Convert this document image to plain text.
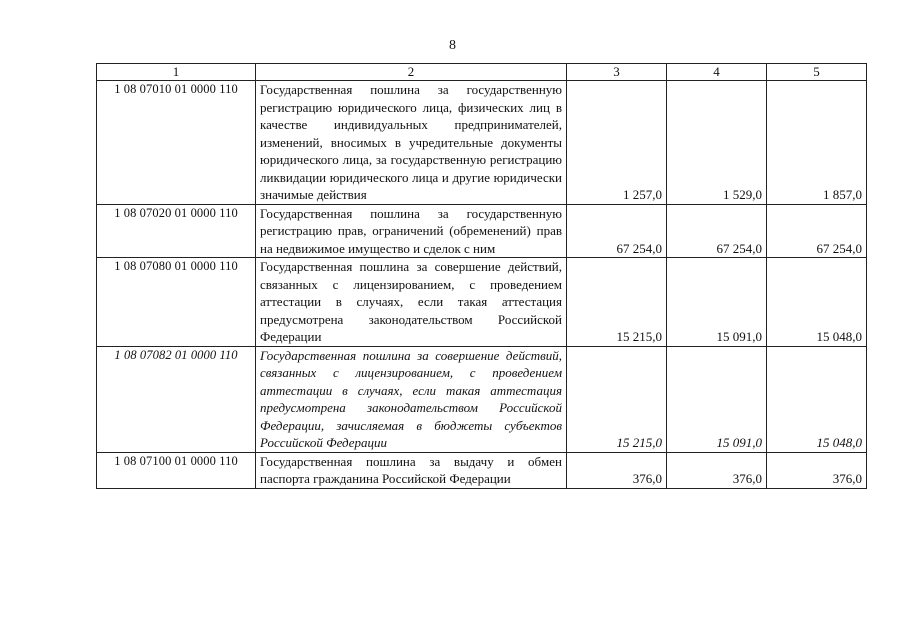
8
1	2	3	4	5
1 08 07010 01 0000 110	Государственная пошлина за государственную регистрацию юридического лица, физических лиц в качестве индивидуальных предпринимателей, изменений, вносимых в учредительные документы юридического лица, за государственную регистрацию ликвидации юридического лица и другие юридически значимые действия	1 257,0	1 529,0	1 857,0
1 08 07020 01 0000 110	Государственная пошлина за государственную регистрацию прав, ограничений (обременений) прав на недвижимое имущество и сделок с ним	67 254,0	67 254,0	67 254,0
1 08 07080 01 0000 110	Государственная пошлина за совершение действий, связанных с лицензированием, с проведением аттестации в случаях, если такая аттестация предусмотрена законодательством Российской Федерации	15 215,0	15 091,0	15 048,0
1 08 07082 01 0000 110	Государственная пошлина за совершение действий, связанных с лицензированием, с проведением аттестации в случаях, если такая аттестация предусмотрена законодательством Российской Федерации, зачисляемая в бюджеты субъектов Российской Федерации	15 215,0	15 091,0	15 048,0
1 08 07100 01 0000 110	Государственная пошлина за выдачу и обмен паспорта гражданина Российской Федерации	376,0	376,0	376,0
